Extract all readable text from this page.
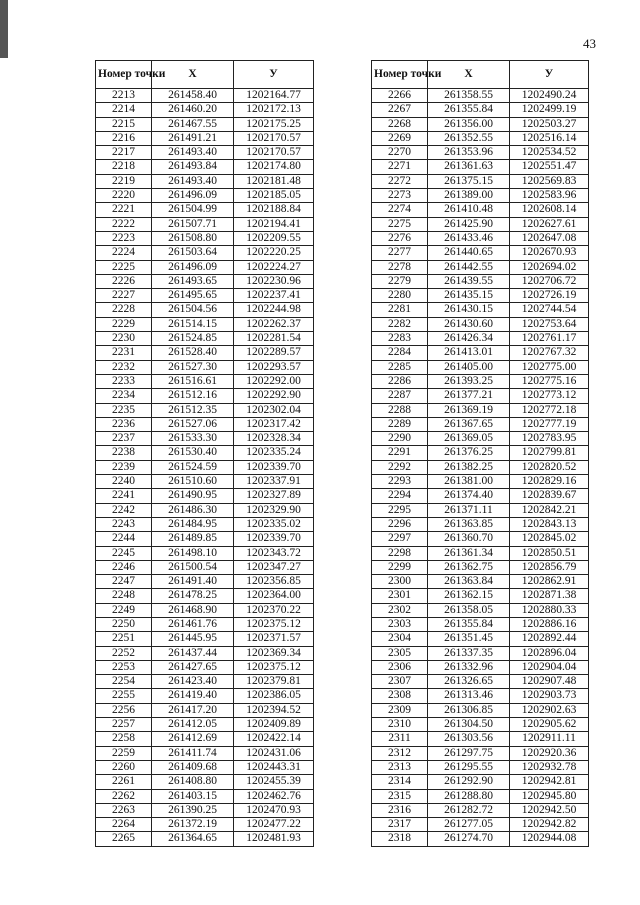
43
Номер точки	X	У
2213	261458.40	1202164.77
2214	261460.20	1202172.13
2215	261467.55	1202175.25
2216	261491.21	1202170.57
2217	261493.40	1202170.57
2218	261493.84	1202174.80
2219	261493.40	1202181.48
2220	261496.09	1202185.05
2221	261504.99	1202188.84
2222	261507.71	1202194.41
2223	261508.80	1202209.55
2224	261503.64	1202220.25
2225	261496.09	1202224.27
2226	261493.65	1202230.96
2227	261495.65	1202237.41
2228	261504.56	1202244.98
2229	261514.15	1202262.37
2230	261524.85	1202281.54
2231	261528.40	1202289.57
2232	261527.30	1202293.57
2233	261516.61	1202292.00
2234	261512.16	1202292.90
2235	261512.35	1202302.04
2236	261527.06	1202317.42
2237	261533.30	1202328.34
2238	261530.40	1202335.24
2239	261524.59	1202339.70
2240	261510.60	1202337.91
2241	261490.95	1202327.89
2242	261486.30	1202329.90
2243	261484.95	1202335.02
2244	261489.85	1202339.70
2245	261498.10	1202343.72
2246	261500.54	1202347.27
2247	261491.40	1202356.85
2248	261478.25	1202364.00
2249	261468.90	1202370.22
2250	261461.76	1202375.12
2251	261445.95	1202371.57
2252	261437.44	1202369.34
2253	261427.65	1202375.12
2254	261423.40	1202379.81
2255	261419.40	1202386.05
2256	261417.20	1202394.52
2257	261412.05	1202409.89
2258	261412.69	1202422.14
2259	261411.74	1202431.06
2260	261409.68	1202443.31
2261	261408.80	1202455.39
2262	261403.15	1202462.76
2263	261390.25	1202470.93
2264	261372.19	1202477.22
2265	261364.65	1202481.93
Номер точки	X	У
2266	261358.55	1202490.24
2267	261355.84	1202499.19
2268	261356.00	1202503.27
2269	261352.55	1202516.14
2270	261353.96	1202534.52
2271	261361.63	1202551.47
2272	261375.15	1202569.83
2273	261389.00	1202583.96
2274	261410.48	1202608.14
2275	261425.90	1202627.61
2276	261433.46	1202647.08
2277	261440.65	1202670.93
2278	261442.55	1202694.02
2279	261439.55	1202706.72
2280	261435.15	1202726.19
2281	261430.15	1202744.54
2282	261430.60	1202753.64
2283	261426.34	1202761.17
2284	261413.01	1202767.32
2285	261405.00	1202775.00
2286	261393.25	1202775.16
2287	261377.21	1202773.12
2288	261369.19	1202772.18
2289	261367.65	1202777.19
2290	261369.05	1202783.95
2291	261376.25	1202799.81
2292	261382.25	1202820.52
2293	261381.00	1202829.16
2294	261374.40	1202839.67
2295	261371.11	1202842.21
2296	261363.85	1202843.13
2297	261360.70	1202845.02
2298	261361.34	1202850.51
2299	261362.75	1202856.79
2300	261363.84	1202862.91
2301	261362.15	1202871.38
2302	261358.05	1202880.33
2303	261355.84	1202886.16
2304	261351.45	1202892.44
2305	261337.35	1202896.04
2306	261332.96	1202904.04
2307	261326.65	1202907.48
2308	261313.46	1202903.73
2309	261306.85	1202902.63
2310	261304.50	1202905.62
2311	261303.56	1202911.11
2312	261297.75	1202920.36
2313	261295.55	1202932.78
2314	261292.90	1202942.81
2315	261288.80	1202945.80
2316	261282.72	1202942.50
2317	261277.05	1202942.82
2318	261274.70	1202944.08
